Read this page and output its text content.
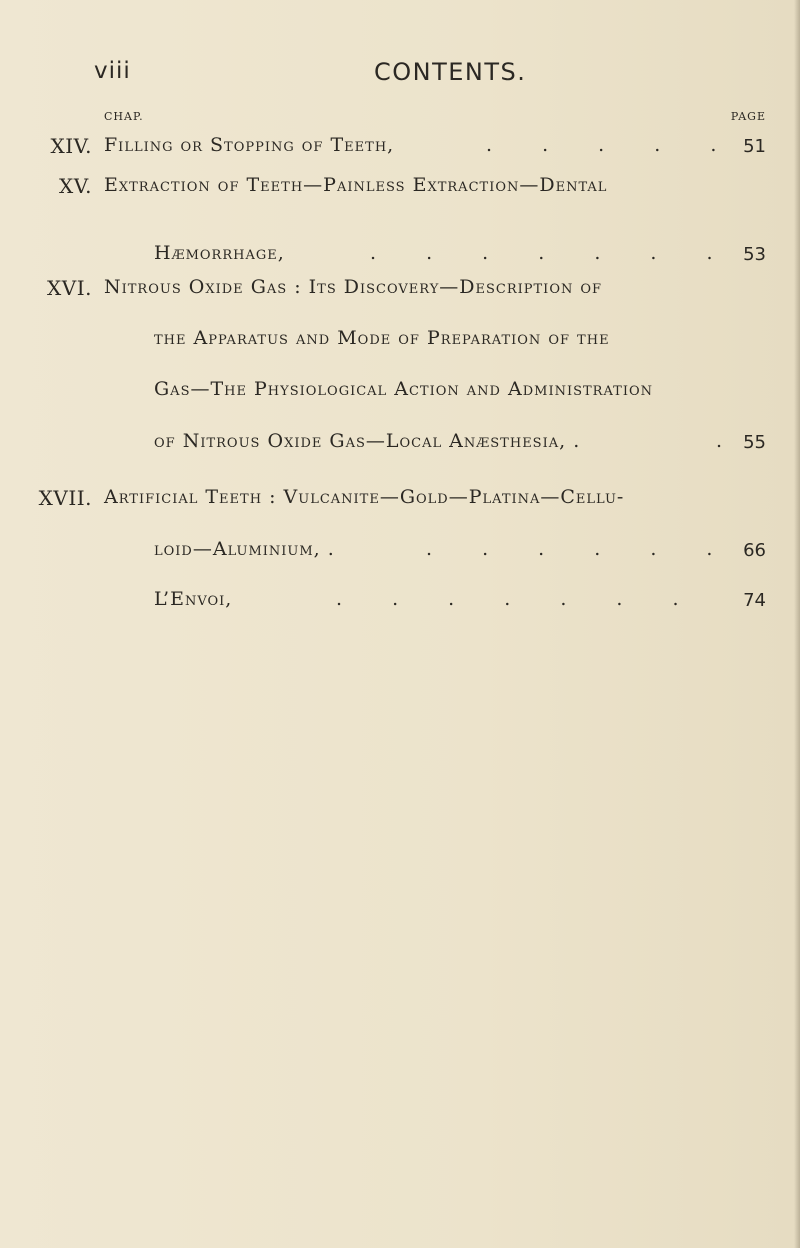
viii	CONTENTS.
CHAP.	PAGE
XIV. Filling or Stopping of Teeth,	. . . . . 51
XV. Extraction of Teeth—Painless Extraction—Dental
Hæmorrhage,	. . . . . . . 53
XVI. Nitrous Oxide Gas : Its Discovery—Description of
the Apparatus and Mode of Preparation of the
Gas—The Physiological Action and Administration
of Nitrous Oxide Gas—Local Anæsthesia, .	. 55
XVII. Artificial Teeth : Vulcanite—Gold—Platina—Cellu-
loid—Aluminium, .	. . . . . . 66
L’Envoi,	. . . . . . .	74
